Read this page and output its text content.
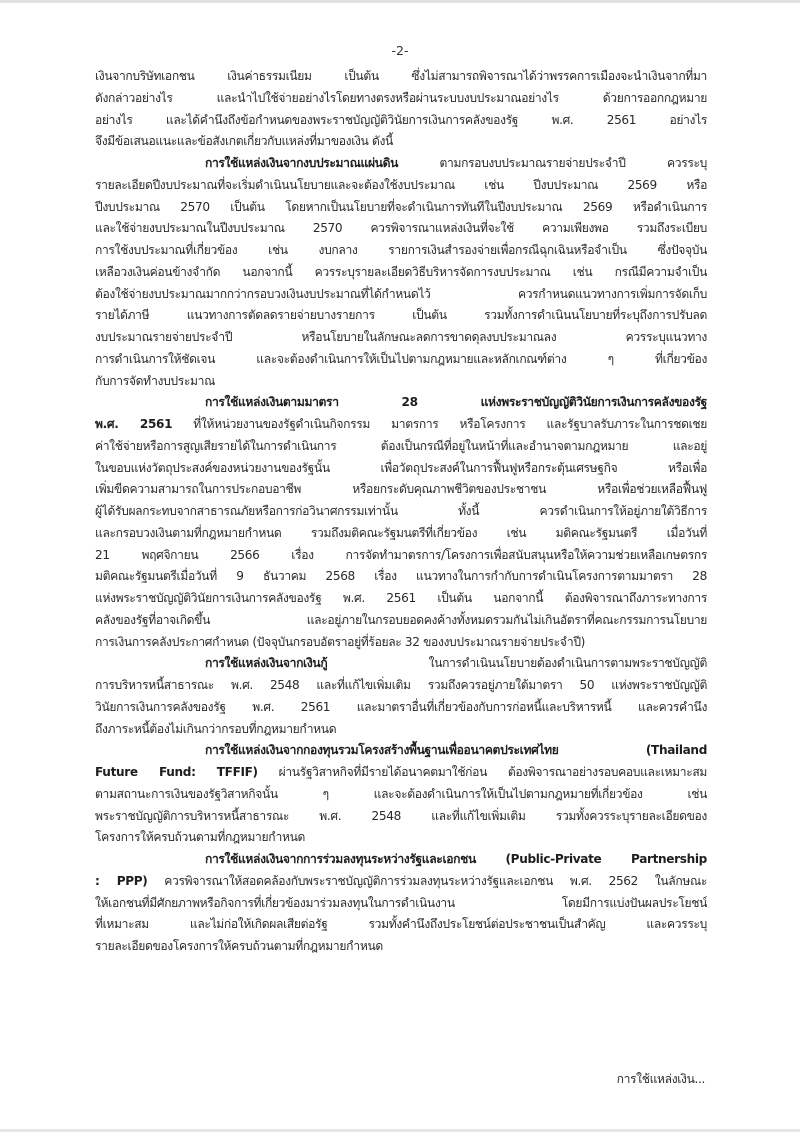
-2-
เงินจากบริษัทเอกชน เงินค่าธรรมเนียม เป็นต้น ซึ่งไม่สามารถพิจารณาได้ว่าพรรคการเมืองจะนำเงินจากที่มา
ดังกล่าวอย่างไร และนำไปใช้จ่ายอย่างไรโดยทางตรงหรือผ่านระบบงบประมาณอย่างไร ด้วยการออกกฎหมาย
อย่างไร และได้คำนึงถึงข้อกำหนดของพระราชบัญญัติวินัยการเงินการคลังของรัฐ พ.ศ. 2561 อย่างไร
จึงมีข้อเสนอแนะและข้อสังเกตเกี่ยวกับแหล่งที่มาของเงิน ดังนี้
การใช้แหล่งเงินจากงบประมาณแผ่นดิน ตามกรอบงบประมาณรายจ่ายประจำปี ควรระบุ
รายละเอียดปีงบประมาณที่จะเริ่มดำเนินนโยบายและจะต้องใช้งบประมาณ เช่น ปีงบประมาณ 2569 หรือ
ปีงบประมาณ 2570 เป็นต้น โดยหากเป็นนโยบายที่จะดำเนินการทันทีในปีงบประมาณ 2569 หรือดำเนินการ
และใช้จ่ายงบประมาณในปีงบประมาณ 2570 ควรพิจารณาแหล่งเงินที่จะใช้ ความเพียงพอ รวมถึงระเบียบ
การใช้งบประมาณที่เกี่ยวข้อง เช่น งบกลาง รายการเงินสำรองจ่ายเพื่อกรณีฉุกเฉินหรือจำเป็น ซึ่งปัจจุบัน
เหลือวงเงินค่อนข้างจำกัด นอกจากนี้ ควรระบุรายละเอียดวิธีบริหารจัดการงบประมาณ เช่น กรณีมีความจำเป็น
ต้องใช้จ่ายงบประมาณมากกว่ากรอบวงเงินงบประมาณที่ได้กำหนดไว้ ควรกำหนดแนวทางการเพิ่มการจัดเก็บ
รายได้ภาษี แนวทางการตัดลดรายจ่ายบางรายการ เป็นต้น รวมทั้งการดำเนินนโยบายที่ระบุถึงการปรับลด
งบประมาณรายจ่ายประจำปี หรือนโยบายในลักษณะลดการขาดดุลงบประมาณลง ควรระบุแนวทาง
การดำเนินการให้ชัดเจน และจะต้องดำเนินการให้เป็นไปตามกฎหมายและหลักเกณฑ์ต่าง ๆ ที่เกี่ยวข้อง
กับการจัดทำงบประมาณ
การใช้แหล่งเงินตามมาตรา 28 แห่งพระราชบัญญัติวินัยการเงินการคลังของรัฐ
พ.ศ. 2561 ที่ให้หน่วยงานของรัฐดำเนินกิจกรรม มาตรการ หรือโครงการ และรัฐบาลรับภาระในการชดเชย
ค่าใช้จ่ายหรือการสูญเสียรายได้ในการดำเนินการ ต้องเป็นกรณีที่อยู่ในหน้าที่และอำนาจตามกฎหมาย และอยู่
ในขอบแห่งวัตถุประสงค์ของหน่วยงานของรัฐนั้น เพื่อวัตถุประสงค์ในการฟื้นฟูหรือกระตุ้นเศรษฐกิจ หรือเพื่อ
เพิ่มขีดความสามารถในการประกอบอาชีพ หรือยกระดับคุณภาพชีวิตของประชาชน หรือเพื่อช่วยเหลือฟื้นฟู
ผู้ได้รับผลกระทบจากสาธารณภัยหรือการก่อวินาศกรรมเท่านั้น ทั้งนี้ ควรดำเนินการให้อยู่ภายใต้วิธีการ
และกรอบวงเงินตามที่กฎหมายกำหนด รวมถึงมติคณะรัฐมนตรีที่เกี่ยวข้อง เช่น มติคณะรัฐมนตรี เมื่อวันที่
21 พฤศจิกายน 2566 เรื่อง การจัดทำมาตรการ/โครงการเพื่อสนับสนุนหรือให้ความช่วยเหลือเกษตรกร
มติคณะรัฐมนตรีเมื่อวันที่ 9 ธันวาคม 2568 เรื่อง แนวทางในการกำกับการดำเนินโครงการตามมาตรา 28
แห่งพระราชบัญญัติวินัยการเงินการคลังของรัฐ พ.ศ. 2561 เป็นต้น นอกจากนี้ ต้องพิจารณาถึงภาระทางการ
คลังของรัฐที่อาจเกิดขึ้น และอยู่ภายในกรอบยอดคงค้างทั้งหมดรวมกันไม่เกินอัตราที่คณะกรรมการนโยบาย
การเงินการคลังประกาศกำหนด (ปัจจุบันกรอบอัตราอยู่ที่ร้อยละ 32 ของงบประมาณรายจ่ายประจำปี)
การใช้แหล่งเงินจากเงินกู้ ในการดำเนินนโยบายต้องดำเนินการตามพระราชบัญญัติ
การบริหารหนี้สาธารณะ พ.ศ. 2548 และที่แก้ไขเพิ่มเติม รวมถึงควรอยู่ภายใต้มาตรา 50 แห่งพระราชบัญญัติ
วินัยการเงินการคลังของรัฐ พ.ศ. 2561 และมาตราอื่นที่เกี่ยวข้องกับการก่อหนี้และบริหารหนี้ และควรคำนึง
ถึงภาระหนี้ต้องไม่เกินกว่ากรอบที่กฎหมายกำหนด
การใช้แหล่งเงินจากกองทุนรวมโครงสร้างพื้นฐานเพื่ออนาคตประเทศไทย (Thailand
Future Fund: TFFIF) ผ่านรัฐวิสาหกิจที่มีรายได้อนาคตมาใช้ก่อน ต้องพิจารณาอย่างรอบคอบและเหมาะสม
ตามสถานะการเงินของรัฐวิสาหกิจนั้น ๆ และจะต้องดำเนินการให้เป็นไปตามกฎหมายที่เกี่ยวข้อง เช่น
พระราชบัญญัติการบริหารหนี้สาธารณะ พ.ศ. 2548 และที่แก้ไขเพิ่มเติม รวมทั้งควรระบุรายละเอียดของ
โครงการให้ครบถ้วนตามที่กฎหมายกำหนด
การใช้แหล่งเงินจากการร่วมลงทุนระหว่างรัฐและเอกชน (Public-Private Partnership
: PPP) ควรพิจารณาให้สอดคล้องกับพระราชบัญญัติการร่วมลงทุนระหว่างรัฐและเอกชน พ.ศ. 2562 ในลักษณะ
ให้เอกชนที่มีศักยภาพหรือกิจการที่เกี่ยวข้องมาร่วมลงทุนในการดำเนินงาน โดยมีการแบ่งปันผลประโยชน์
ที่เหมาะสม และไม่ก่อให้เกิดผลเสียต่อรัฐ รวมทั้งคำนึงถึงประโยชน์ต่อประชาชนเป็นสำคัญ และควรระบุ
รายละเอียดของโครงการให้ครบถ้วนตามที่กฎหมายกำหนด
การใช้แหล่งเงิน...
